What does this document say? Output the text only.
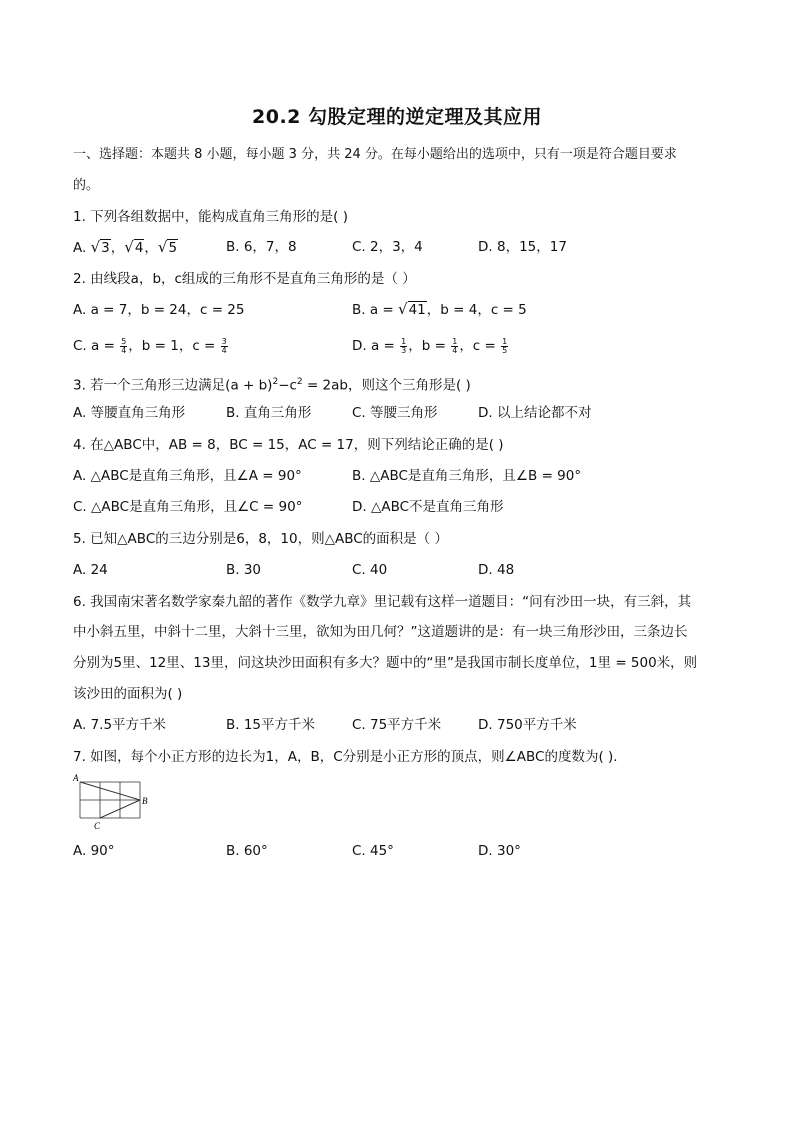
20.2 勾股定理的逆定理及其应用
一、选择题：本题共 8 小题，每小题 3 分，共 24 分。在每小题给出的选项中，只有一项是符合题目要求
的。
1. 下列各组数据中，能构成直角三角形的是( )
A. √3，√4，√5	B. 6，7，8	C. 2，3，4	D. 8，15，17
2. 由线段a，b，c组成的三角形不是直角三角形的是（ ）
A. a = 7，b = 24，c = 25	B. a = √41，b = 4，c = 5
C. $a = \frac{5}{4}$ ，b = 1，$c = \frac{3}{4}$	D. $a = \frac{1}{3}$ ，$b = \frac{1}{4}$ ，$c = \frac{1}{5}$
3. 若一个三角形三边满足$(a + b)^2-c^2 = 2ab$，则这个三角形是( )
A. 等腰直角三角形	B. 直角三角形	C. 等腰三角形	D. 以上结论都不对
4. 在△ABC中，AB = 8，BC = 15，AC = 17，则下列结论正确的是( )
A. △ABC是直角三角形，且∠A = 90°	B. △ABC是直角三角形，且∠B = 90°
C. △ABC是直角三角形，且∠C = 90°	D. △ABC不是直角三角形
5. 已知△ABC的三边分别是6，8，10，则△ABC的面积是（ ）
A. 24	B. 30	C. 40	D. 48
6. 我国南宋著名数学家秦九韶的著作《数学九章》里记载有这样一道题目：“问有沙田一块，有三斜，其
中小斜五里，中斜十二里，大斜十三里，欲知为田几何？”这道题讲的是：有一块三角形沙田，三条边长
分别为5里、12里、13里，问这块沙田面积有多大？题中的“里”是我国市制长度单位，1里 = 500米，则
该沙田的面积为( )
A. 7.5平方千米	B. 15平方千米	C. 75平方千米	D. 750平方千米
7. 如图，每个小正方形的边长为1，A，B，C分别是小正方形的顶点，则∠ABC的度数为( ).
A
B
C
A. 90°	B. 60°	C. 45°	D. 30°
